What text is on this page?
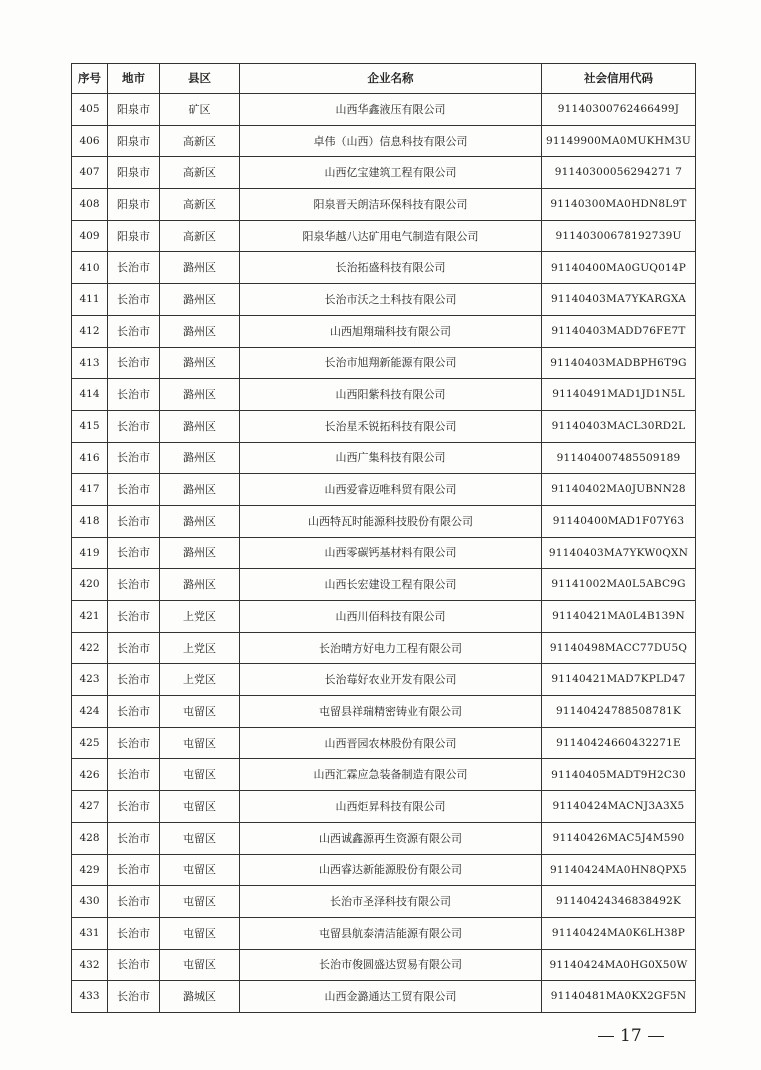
序号	地市	县区	企业名称	社会信用代码
405	阳泉市	矿区	山西华鑫液压有限公司	91140300762466499J
406	阳泉市	高新区	卓伟（山西）信息科技有限公司	91149900MA0MUKHM3U
407	阳泉市	高新区	山西亿宝建筑工程有限公司	91140300056294271 7
408	阳泉市	高新区	阳泉晋天朗洁环保科技有限公司	91140300MA0HDN8L9T
409	阳泉市	高新区	阳泉华越八达矿用电气制造有限公司	91140300678192739U
410	长治市	潞州区	长治拓盛科技有限公司	91140400MA0GUQ014P
411	长治市	潞州区	长治市沃之土科技有限公司	91140403MA7YKARGXA
412	长治市	潞州区	山西旭翔瑞科技有限公司	91140403MADD76FE7T
413	长治市	潞州区	长治市旭翔新能源有限公司	91140403MADBPH6T9G
414	长治市	潞州区	山西阳紫科技有限公司	91140491MAD1JD1N5L
415	长治市	潞州区	长治星禾锐拓科技有限公司	91140403MACL30RD2L
416	长治市	潞州区	山西广集科技有限公司	911404007485509189
417	长治市	潞州区	山西爱睿迈唯科贸有限公司	91140402MA0JUBNN28
418	长治市	潞州区	山西特瓦时能源科技股份有限公司	91140400MAD1F07Y63
419	长治市	潞州区	山西零碳钙基材料有限公司	91140403MA7YKW0QXN
420	长治市	潞州区	山西长宏建设工程有限公司	91141002MA0L5ABC9G
421	长治市	上党区	山西川佰科技有限公司	91140421MA0L4B139N
422	长治市	上党区	长治晴方好电力工程有限公司	91140498MACC77DU5Q
423	长治市	上党区	长治莓好农业开发有限公司	91140421MAD7KPLD47
424	长治市	屯留区	屯留县祥瑞精密铸业有限公司	91140424788508781K
425	长治市	屯留区	山西晋园农林股份有限公司	91140424660432271E
426	长治市	屯留区	山西汇霖应急装备制造有限公司	91140405MADT9H2C30
427	长治市	屯留区	山西炬昇科技有限公司	91140424MACNJ3A3X5
428	长治市	屯留区	山西诚鑫源再生资源有限公司	91140426MAC5J4M590
429	长治市	屯留区	山西睿达新能源股份有限公司	91140424MA0HN8QPX5
430	长治市	屯留区	长治市圣泽科技有限公司	91140424346838492K
431	长治市	屯留区	屯留县航泰清洁能源有限公司	91140424MA0K6LH38P
432	长治市	屯留区	长治市俊圆盛达贸易有限公司	91140424MA0HG0X50W
433	长治市	潞城区	山西金潞通达工贸有限公司	91140481MA0KX2GF5N
17
